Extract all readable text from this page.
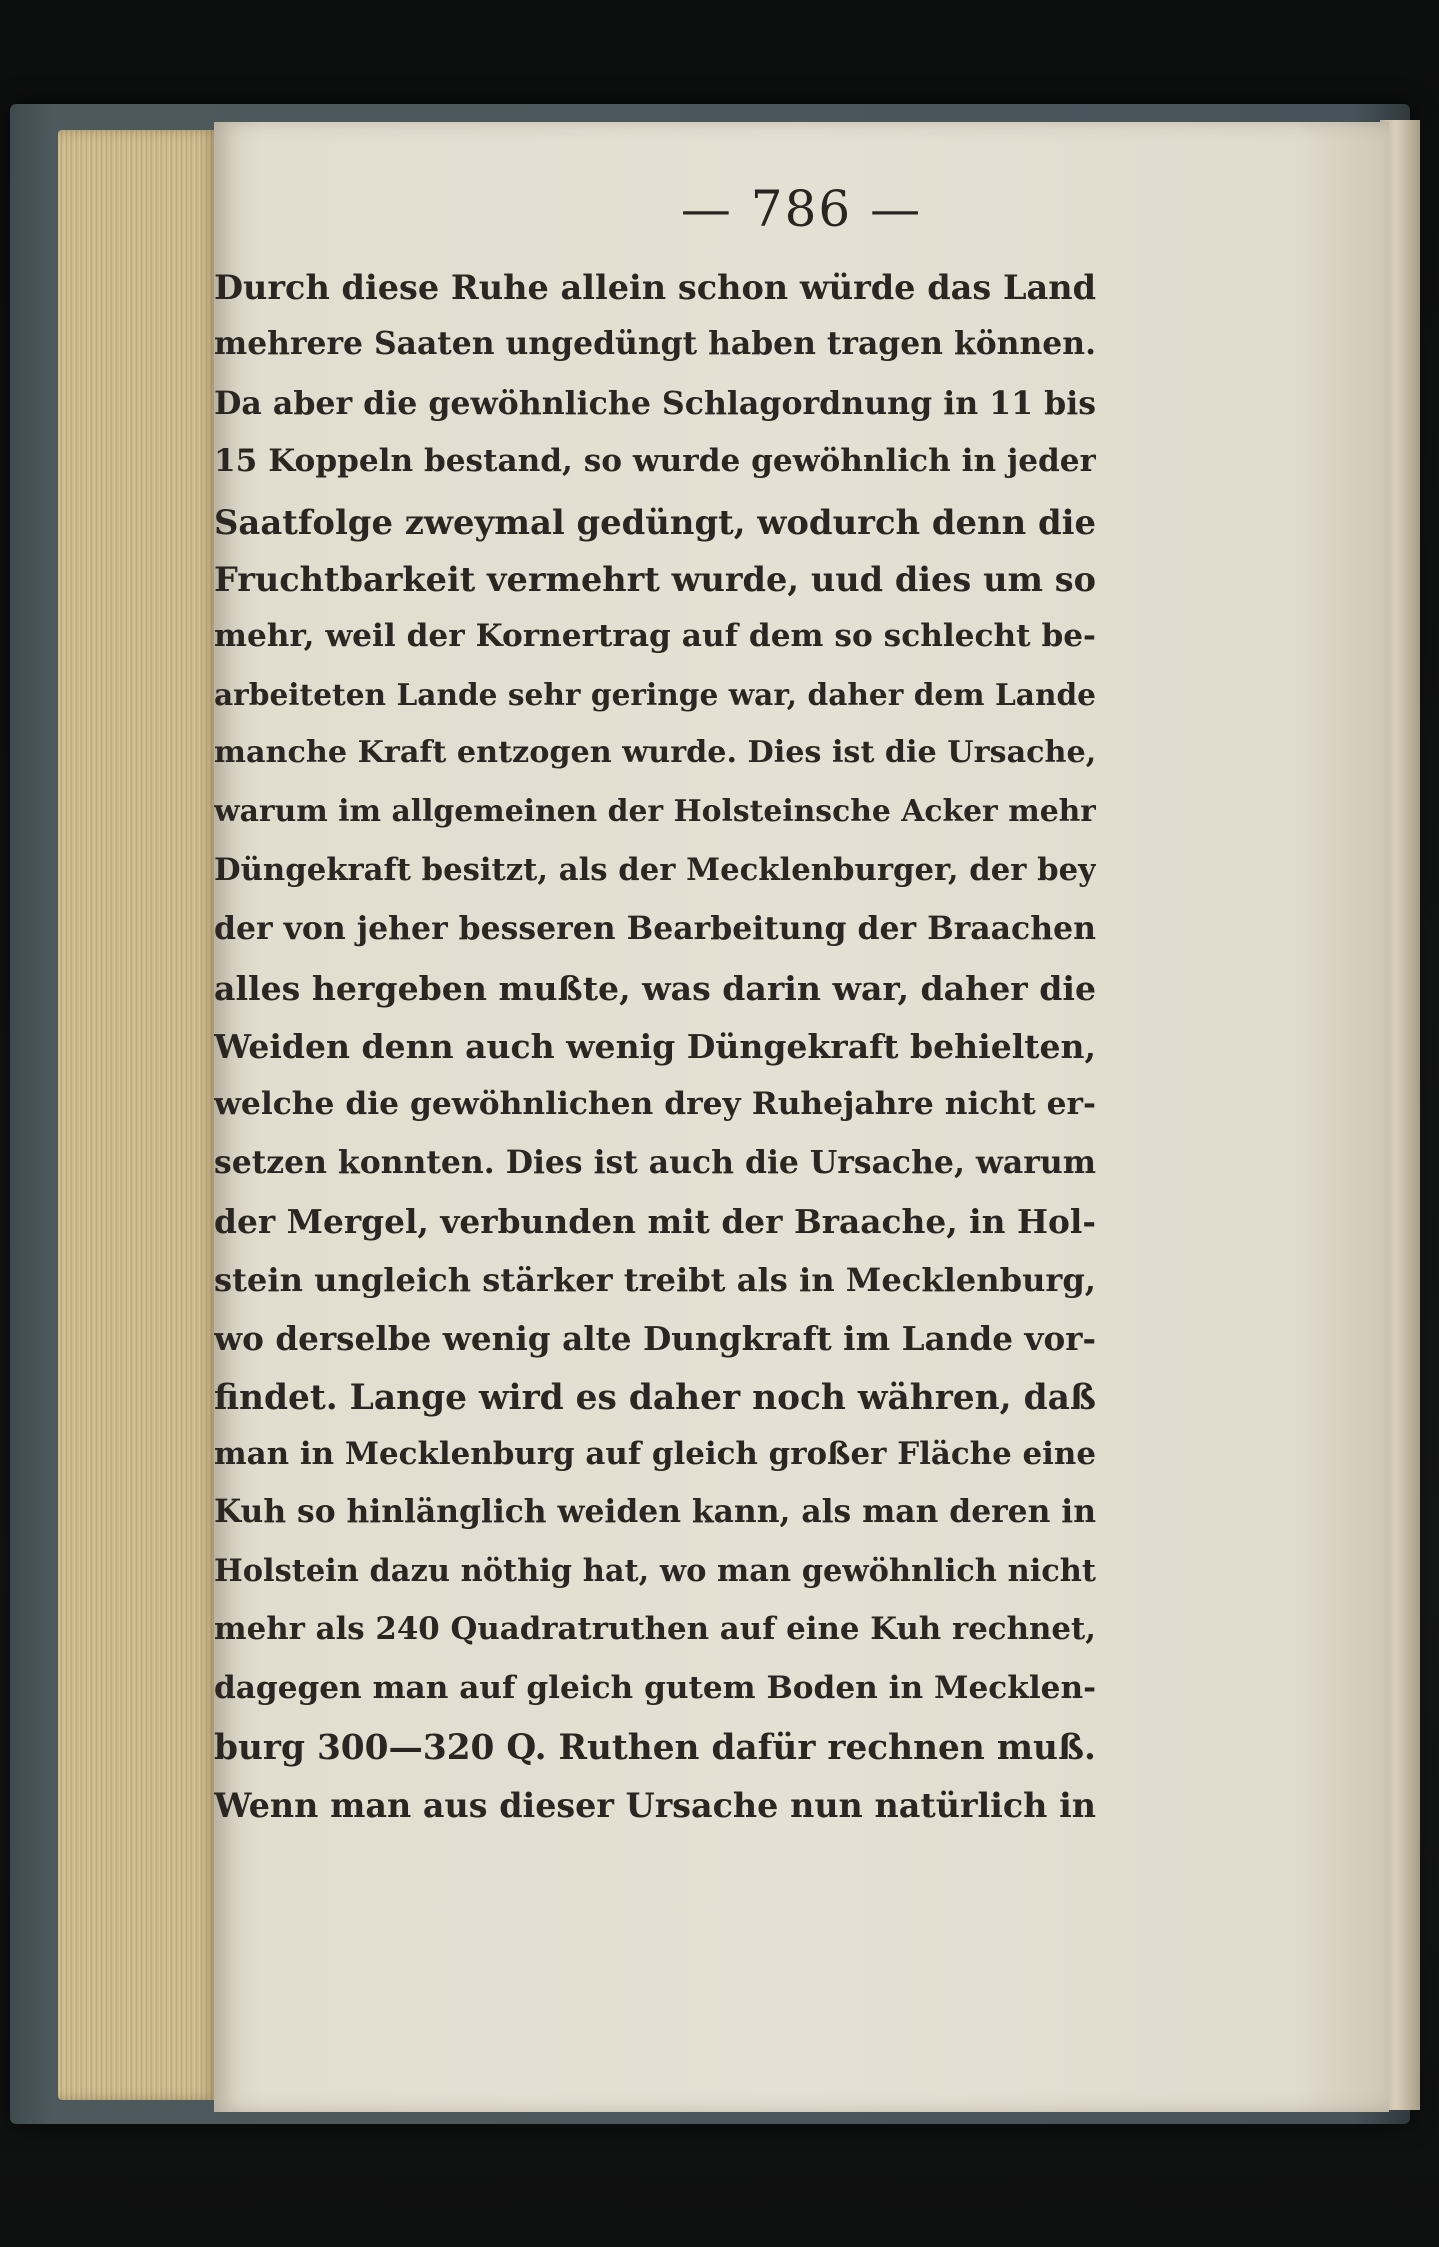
— 786 —
Durch diese Ruhe allein schon würde das Land
mehrere Saaten ungedüngt haben tragen können.
Da aber die gewöhnliche Schlagordnung in 11 bis
15 Koppeln bestand, so wurde gewöhnlich in jeder
Saatfolge zweymal gedüngt, wodurch denn die
Fruchtbarkeit vermehrt wurde, uud dies um so
mehr, weil der Kornertrag auf dem so schlecht be-
arbeiteten Lande sehr geringe war, daher dem Lande
manche Kraft entzogen wurde. Dies ist die Ursache,
warum im allgemeinen der Holsteinsche Acker mehr
Düngekraft besitzt, als der Mecklenburger, der bey
der von jeher besseren Bearbeitung der Braachen
alles hergeben mußte, was darin war, daher die
Weiden denn auch wenig Düngekraft behielten,
welche die gewöhnlichen drey Ruhejahre nicht er-
setzen konnten. Dies ist auch die Ursache, warum
der Mergel, verbunden mit der Braache, in Hol-
stein ungleich stärker treibt als in Mecklenburg,
wo derselbe wenig alte Dungkraft im Lande vor-
findet. Lange wird es daher noch währen, daß
man in Mecklenburg auf gleich großer Fläche eine
Kuh so hinlänglich weiden kann, als man deren in
Holstein dazu nöthig hat, wo man gewöhnlich nicht
mehr als 240 Quadratruthen auf eine Kuh rechnet,
dagegen man auf gleich gutem Boden in Mecklen-
burg 300—320 Q. Ruthen dafür rechnen muß.
Wenn man aus dieser Ursache nun natürlich in
